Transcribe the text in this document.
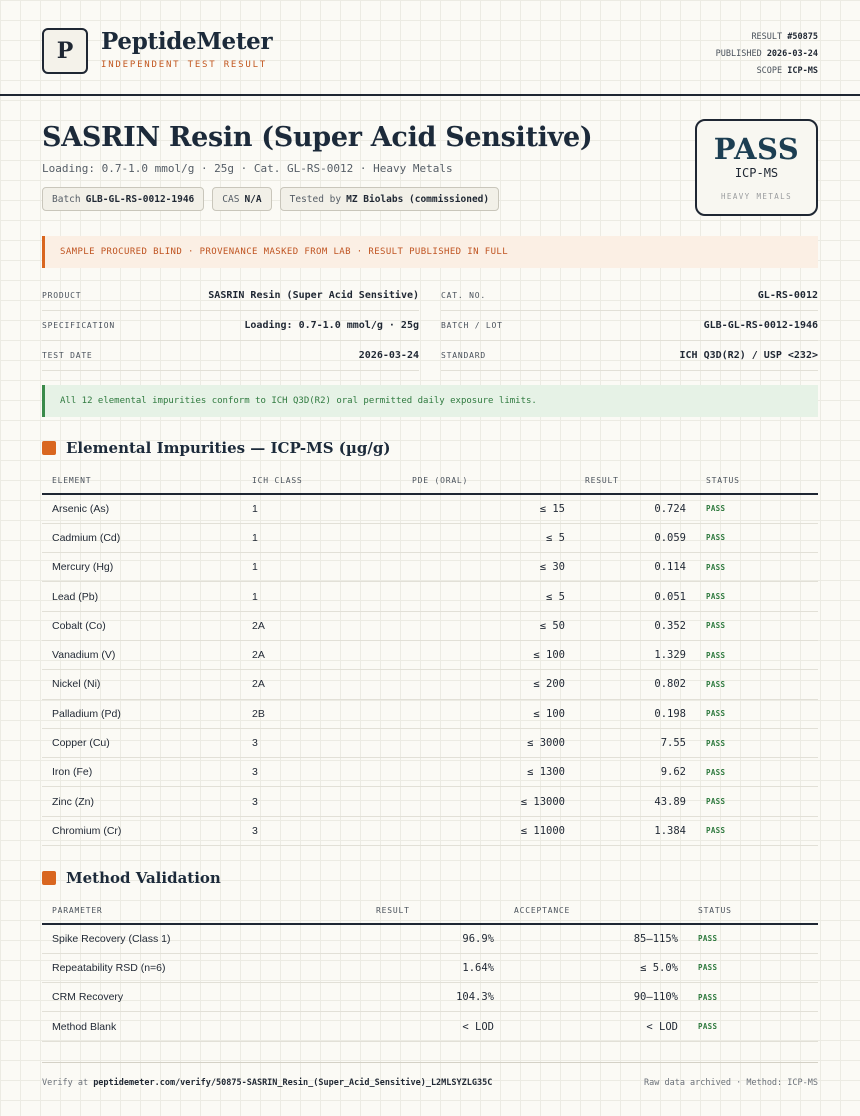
P	PeptideMeter
INDEPENDENT TEST RESULT
RESULT #50875
PUBLISHED 2026-03-24
SCOPE ICP-MS
SASRIN Resin (Super Acid Sensitive)
Loading: 0.7-1.0 mmol/g · 25g · Cat. GL-RS-0012 · Heavy Metals
Batch GLB-GL-RS-0012-1946	CAS N/A	Tested by MZ Biolabs (commissioned)
PASS
ICP-MS
HEAVY METALS
SAMPLE PROCURED BLIND · PROVENANCE MASKED FROM LAB · RESULT PUBLISHED IN FULL
PRODUCT	SASRIN Resin (Super Acid Sensitive)
SPECIFICATION	Loading: 0.7-1.0 mmol/g · 25g
TEST DATE	2026-03-24
CAT. NO.	GL-RS-0012
BATCH / LOT	GLB-GL-RS-0012-1946
STANDARD	ICH Q3D(R2) / USP <232>
All 12 elemental impurities conform to ICH Q3D(R2) oral permitted daily exposure limits.
Elemental Impurities — ICP-MS (µg/g)
ELEMENT	ICH CLASS	PDE (ORAL)	RESULT	STATUS
Arsenic (As)	1	≤ 15	0.724	PASS
Cadmium (Cd)	1	≤ 5	0.059	PASS
Mercury (Hg)	1	≤ 30	0.114	PASS
Lead (Pb)	1	≤ 5	0.051	PASS
Cobalt (Co)	2A	≤ 50	0.352	PASS
Vanadium (V)	2A	≤ 100	1.329	PASS
Nickel (Ni)	2A	≤ 200	0.802	PASS
Palladium (Pd)	2B	≤ 100	0.198	PASS
Copper (Cu)	3	≤ 3000	7.55	PASS
Iron (Fe)	3	≤ 1300	9.62	PASS
Zinc (Zn)	3	≤ 13000	43.89	PASS
Chromium (Cr)	3	≤ 11000	1.384	PASS
Method Validation
PARAMETER	RESULT	ACCEPTANCE	STATUS
Spike Recovery (Class 1)	96.9%	85–115%	PASS
Repeatability RSD (n=6)	1.64%	≤ 5.0%	PASS
CRM Recovery	104.3%	90–110%	PASS
Method Blank	< LOD	< LOD	PASS
Verify at peptidemeter.com/verify/50875-SASRIN_Resin_(Super_Acid_Sensitive)_L2MLSYZLG35C	Raw data archived · Method: ICP-MS
